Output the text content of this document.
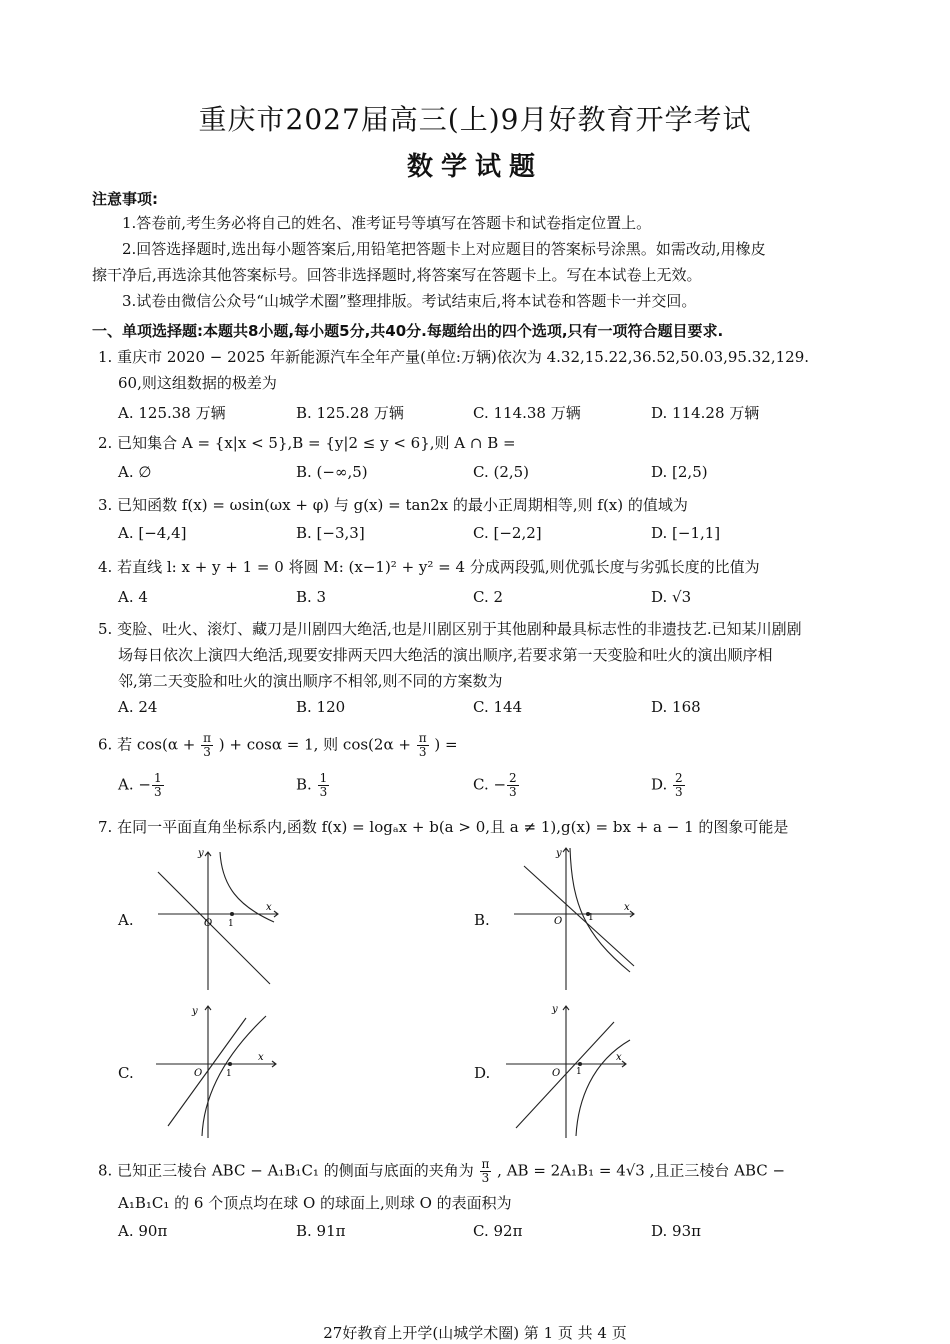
重庆市2027届高三(上)9月好教育开学考试
数学试题
注意事项:
1.答卷前,考生务必将自己的姓名、准考证号等填写在答题卡和试卷指定位置上。
2.回答选择题时,选出每小题答案后,用铅笔把答题卡上对应题目的答案标号涂黑。如需改动,用橡皮
擦干净后,再选涂其他答案标号。回答非选择题时,将答案写在答题卡上。写在本试卷上无效。
3.试卷由微信公众号“山城学术圈”整理排版。考试结束后,将本试卷和答题卡一并交回。
一、单项选择题:本题共8小题,每小题5分,共40分.每题给出的四个选项,只有一项符合题目要求.
1. 重庆市 2020 − 2025 年新能源汽车全年产量(单位:万辆)依次为 4.32,15.22,36.52,50.03,95.32,129.
60,则这组数据的极差为
A. 125.38 万辆	B. 125.28 万辆	C. 114.38 万辆	D. 114.28 万辆
2. 已知集合 A = {x|x < 5},B = {y|2 ≤ y < 6},则 A ∩ B =
A. ∅	B. (−∞,5)	C. (2,5)	D. [2,5)
3. 已知函数 f(x) = ωsin(ωx + φ) 与 g(x) = tan2x 的最小正周期相等,则 f(x) 的值域为
A. [−4,4]	B. [−3,3]	C. [−2,2]	D. [−1,1]
4. 若直线 l: x + y + 1 = 0 将圆 M: (x−1)² + y² = 4 分成两段弧,则优弧长度与劣弧长度的比值为
A. 4	B. 3	C. 2	D. √3
5. 变脸、吐火、滚灯、藏刀是川剧四大绝活,也是川剧区别于其他剧种最具标志性的非遗技艺.已知某川剧剧
场每日依次上演四大绝活,现要安排两天四大绝活的演出顺序,若要求第一天变脸和吐火的演出顺序相
邻,第二天变脸和吐火的演出顺序不相邻,则不同的方案数为
A. 24	B. 120	C. 144	D. 168
6. 若 $\cos(\alpha + \frac{\pi}{3}$ ) + cosα = 1, 则 $\cos(2\alpha + \frac{\pi}{3}$ ) =
A. − $\frac{1}{3}$	B. $\frac{1}{3}$	C. − $\frac{2}{3}$	D. $\frac{2}{3}$
7. 在同一平面直角坐标系内,函数 f(x) = logₐx + b(a > 0,且 a ≠ 1),g(x) = bx + a − 1 的图象可能是
A.
y
x
O 1	B.
y
x
O	1
C.
y
x
O	1	D.
y
x
O 1
8. 已知正三棱台 ABC − A₁B₁C₁ 的侧面与底面的夹角为 $\frac{\pi}{3}$ , AB = 2A₁B₁ = 4√3 ,且正三棱台 ABC −
A₁B₁C₁ 的 6 个顶点均在球 O 的球面上,则球 O 的表面积为
A. 90π	B. 91π	C. 92π	D. 93π
27好教育上开学(山城学术圈) 第 1 页 共 4 页
